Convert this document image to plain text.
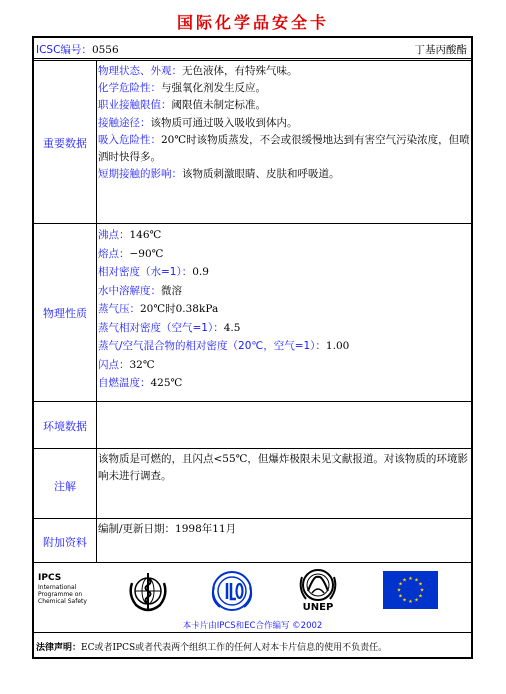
国际化学品安全卡
ICSC编号：0556	丁基丙酸酯
重要数据
物理性质
环境数据
注解
附加资料

物理状态、外观：无色液体，有特殊气味。

化学危险性：与强氧化剂发生反应。

职业接触限值：阈限值未制定标准。

接触途径：该物质可通过吸入吸收到体内。

吸入危险性：20℃时该物质蒸发，不会或很缓慢地达到有害空气污染浓度，但喷洒时快得多。

短期接触的影响：该物质刺激眼睛、皮肤和呼吸道。

沸点：146℃

熔点：−90℃

相对密度（水=1）：0.9

水中溶解度：微溶

蒸气压：20℃时0.38kPa

蒸气相对密度（空气=1）：4.5

蒸气/空气混合物的相对密度（20℃，空气=1）：1.00

闪点：32℃

自燃温度：425℃

该物质是可燃的，且闪点<55℃，但爆炸极限未见文献报道。对该物质的环境影响未进行调查。
编制/更新日期：1998年11月
IPCS
International
Programme on
Chemical Safety
UNEP
★ ★
★
★
★
★
★
★
★
★
★
★
本卡片由IPCS和EC合作编写 ©2002
法律声明：EC或者IPCS或者代表两个组织工作的任何人对本卡片信息的使用不负责任。
